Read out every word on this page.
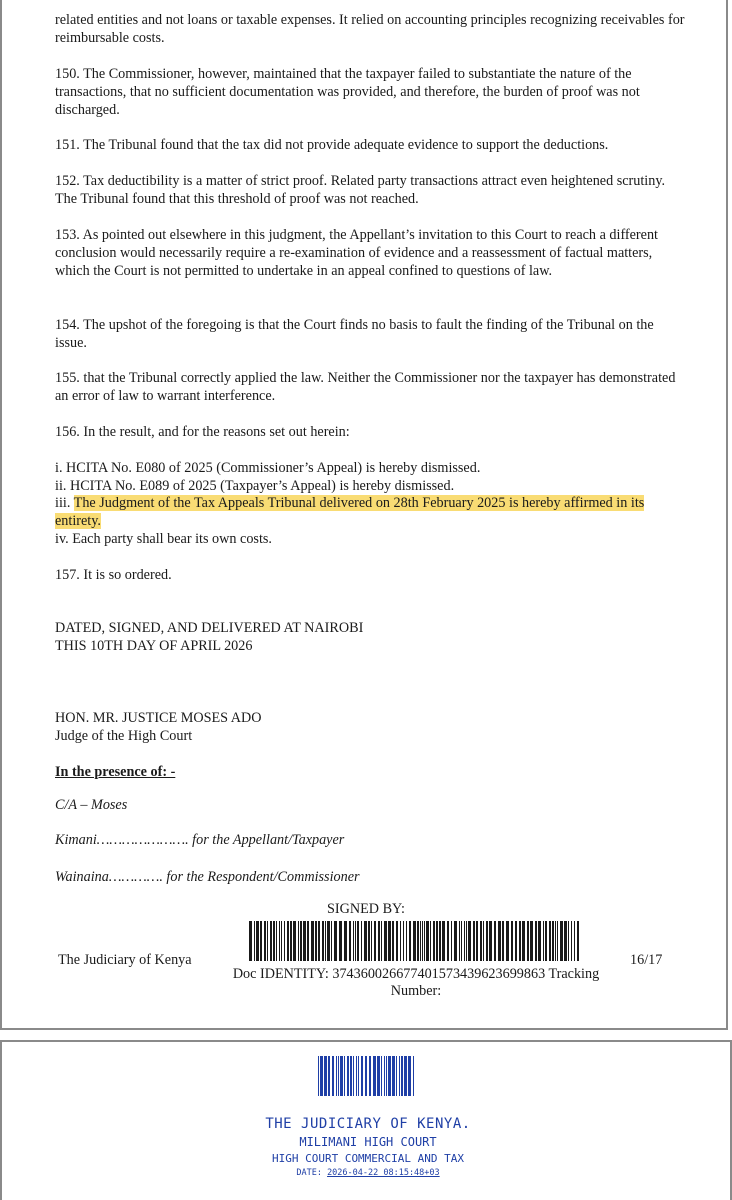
related entities and not loans or taxable expenses. It relied on accounting principles recognizing receivables for reimbursable costs.

150. The Commissioner, however, maintained that the taxpayer failed to substantiate the nature of the transactions, that no sufficient documentation was provided, and therefore, the burden of proof was not discharged.

151. The Tribunal found that the tax did not provide adequate evidence to support the deductions.

152. Tax deductibility is a matter of strict proof. Related party transactions attract even heightened scrutiny. The Tribunal found that this threshold of proof was not reached.

153. As pointed out elsewhere in this judgment, the Appellant’s invitation to this Court to reach a different conclusion would necessarily require a re-examination of evidence and a reassessment of factual matters, which the Court is not permitted to undertake in an appeal confined to questions of law.

154. The upshot of the foregoing is that the Court finds no basis to fault the finding of the Tribunal on the issue.

155. that the Tribunal correctly applied the law. Neither the Commissioner nor the taxpayer has demonstrated an error of law to warrant interference.

156. In the result, and for the reasons set out herein:

i. HCITA No. E080 of 2025 (Commissioner’s Appeal) is hereby dismissed.

ii. HCITA No. E089 of 2025 (Taxpayer’s Appeal) is hereby dismissed.

iii. The Judgment of the Tax Appeals Tribunal delivered on 28th February 2025 is hereby affirmed in its entirety.

iv. Each party shall bear its own costs.

157. It is so ordered.

DATED, SIGNED, AND DELIVERED AT NAIROBI

THIS 10TH DAY OF APRIL 2026

HON. MR. JUSTICE MOSES ADO

Judge of the High Court

In the presence of: -

C/A – Moses

Kimani…………………. for the Appellant/Taxpayer

Wainaina…………. for the Respondent/Commissioner

SIGNED BY:

The Judiciary of Kenya	16/17

Doc IDENTITY: 37436002667740157343962369986​3 Tracking

Number:

THE JUDICIARY OF KENYA.
MILIMANI HIGH COURT
HIGH COURT COMMERCIAL AND TAX
DATE: 2026-04-22 08:15:48+03
